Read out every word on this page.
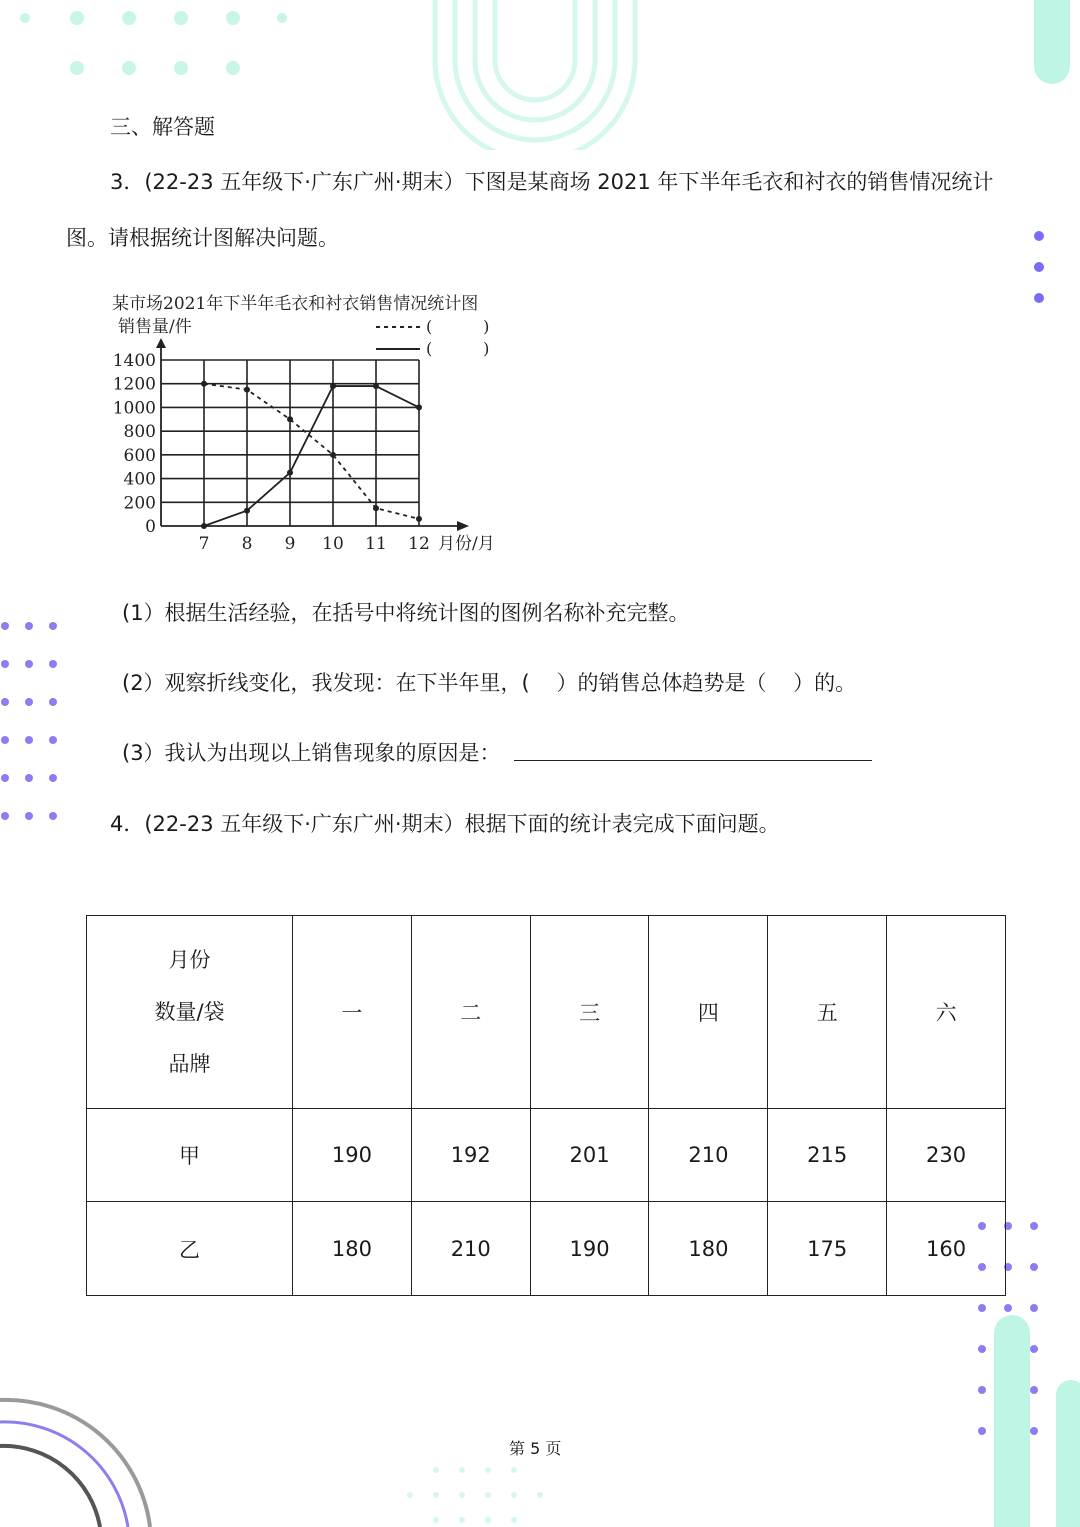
三、解答题
3．(22-23 五年级下·广东广州·期末）下图是某商场 2021 年下半年毛衣和衬衣的销售情况统计
图。请根据统计图解决问题。
某市场2021年下半年毛衣和衬衣销售情况统计图
销售量/件
月份/月
(          )
(          )
0
200
400
600
800
1000
1200
1400
7 8 9 10 11 12
(1）根据生活经验，在括号中将统计图的图例名称补充完整。
(2）观察折线变化，我发现：在下半年里，(    ）的销售总体趋势是（    ）的。
(3）我认为出现以上销售现象的原因是：
4．(22-23 五年级下·广东广州·期末）根据下面的统计表完成下面问题。
月份
数量/袋
品牌	一	二	三	四	五	六
甲	190	192	201	210	215	230
乙	180	210	190	180	175	160
第 5 页
